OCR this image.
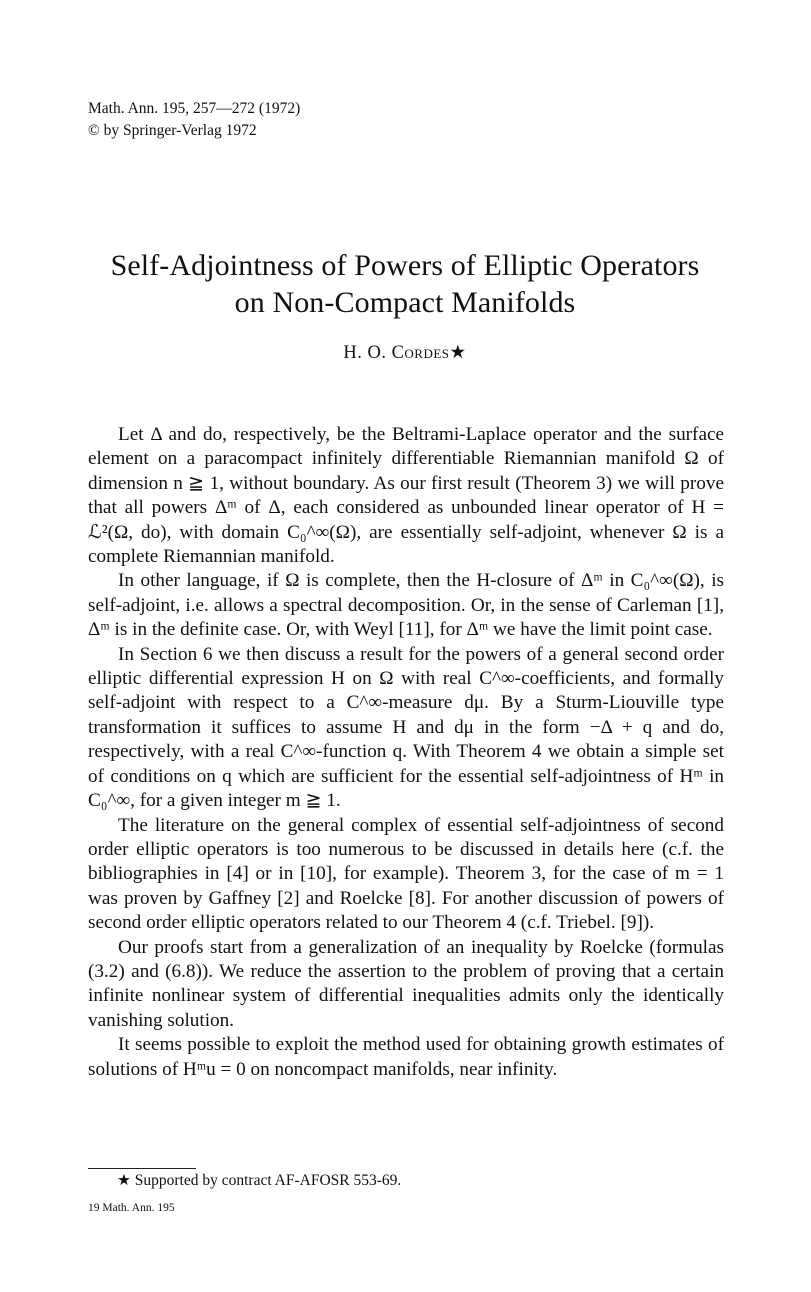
Math. Ann. 195, 257—272 (1972)
© by Springer-Verlag 1972
Self-Adjointness of Powers of Elliptic Operators
on Non-Compact Manifolds
H. O. Cordes★

Let Δ and do, respectively, be the Beltrami-Laplace operator and the surface element on a paracompact infinitely differentiable Riemannian manifold Ω of dimension n ≧ 1, without boundary. As our first result (Theorem 3) we will prove that all powers Δᵐ of Δ, each considered as unbounded linear operator of H = ℒ²(Ω, do), with domain C₀^∞(Ω), are essentially self-adjoint, whenever Ω is a complete Riemannian manifold.

In other language, if Ω is complete, then the H-closure of Δᵐ in C₀^∞(Ω), is self-adjoint, i.e. allows a spectral decomposition. Or, in the sense of Carleman [1], Δᵐ is in the definite case. Or, with Weyl [11], for Δᵐ we have the limit point case.

In Section 6 we then discuss a result for the powers of a general second order elliptic differential expression H on Ω with real C^∞-coefficients, and formally self-adjoint with respect to a C^∞-measure dμ. By a Sturm-Liouville type transformation it suffices to assume H and dμ in the form −Δ + q and do, respectively, with a real C^∞-function q. With Theorem 4 we obtain a simple set of conditions on q which are sufficient for the essential self-adjointness of Hᵐ in C₀^∞, for a given integer m ≧ 1.

The literature on the general complex of essential self-adjointness of second order elliptic operators is too numerous to be discussed in details here (c.f. the bibliographies in [4] or in [10], for example). Theorem 3, for the case of m = 1 was proven by Gaffney [2] and Roelcke [8]. For another discussion of powers of second order elliptic operators related to our Theorem 4 (c.f. Triebel. [9]).

Our proofs start from a generalization of an inequality by Roelcke (formulas (3.2) and (6.8)). We reduce the assertion to the problem of proving that a certain infinite nonlinear system of differential inequalities admits only the identically vanishing solution.

It seems possible to exploit the method used for obtaining growth estimates of solutions of Hᵐu = 0 on noncompact manifolds, near infinity.

★ Supported by contract AF-AFOSR 553-69.
19 Math. Ann. 195
